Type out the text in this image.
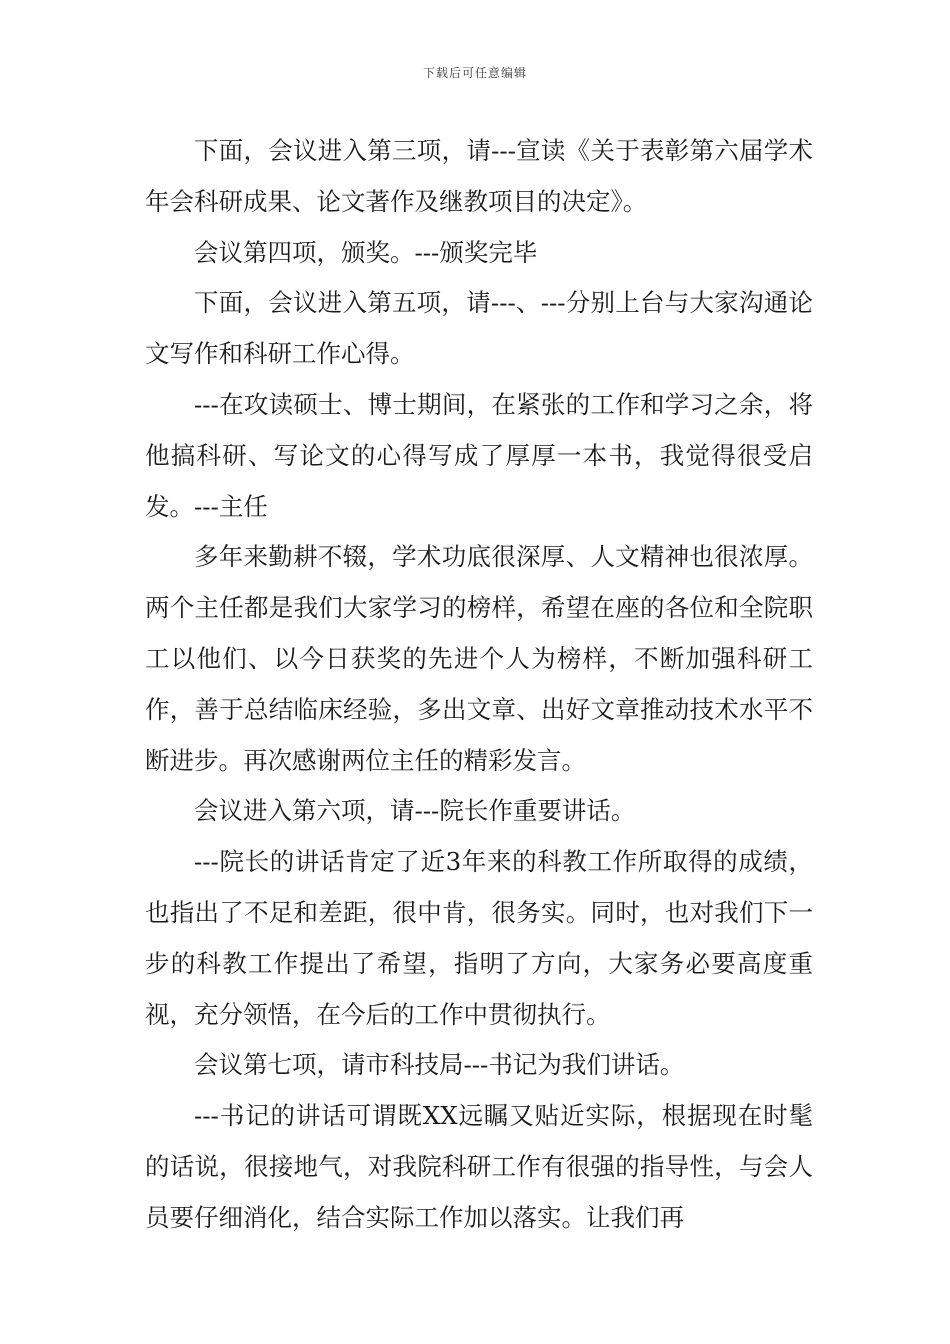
下载后可任意编辑

下面，会议进入第三项，请---宣读《关于表彰第六届学术年会科研成果、论文著作及继教项目的决定》。

会议第四项，颁奖。---颁奖完毕

下面，会议进入第五项，请---、---分别上台与大家沟通论文写作和科研工作心得。

---在攻读硕士、博士期间，在紧张的工作和学习之余，将他搞科研、写论文的心得写成了厚厚一本书，我觉得很受启发。---主任

多年来勤耕不辍，学术功底很深厚、人文精神也很浓厚。两个主任都是我们大家学习的榜样，希望在座的各位和全院职工以他们、以今日获奖的先进个人为榜样，不断加强科研工作，善于总结临床经验，多出文章、出好文章推动技术水平不断进步。再次感谢两位主任的精彩发言。

会议进入第六项，请---院长作重要讲话。

---院长的讲话肯定了近3年来的科教工作所取得的成绩，也指出了不足和差距，很中肯，很务实。同时，也对我们下一步的科教工作提出了希望，指明了方向，大家务必要高度重视，充分领悟，在今后的工作中贯彻执行。

会议第七项，请市科技局---书记为我们讲话。

---书记的讲话可谓既XX远瞩又贴近实际，根据现在时髦的话说，很接地气，对我院科研工作有很强的指导性，与会人员要仔细消化，结合实际工作加以落实。让我们再
